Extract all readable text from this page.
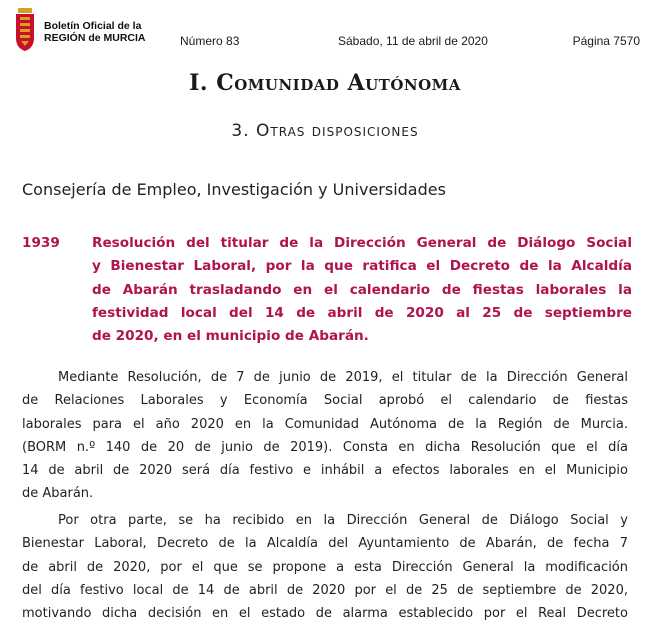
Boletín Oficial de la
REGIÓN de MURCIA	Número 83	Sábado, 11 de abril de 2020	Página 7570
I. Comunidad Autónoma
3. Otras disposiciones
Consejería de Empleo, Investigación y Universidades
1939 Resolución del titular de la Dirección General de Diálogo Social
y Bienestar Laboral, por la que ratifica el Decreto de la Alcaldía
de Abarán trasladando en el calendario de fiestas laborales la
festividad local del 14 de abril de 2020 al 25 de septiembre
de 2020, en el municipio de Abarán.
Mediante Resolución, de 7 de junio de 2019, el titular de la Dirección General
de Relaciones Laborales y Economía Social aprobó el calendario de fiestas
laborales para el año 2020 en la Comunidad Autónoma de la Región de Murcia.
(BORM n.º 140 de 20 de junio de 2019). Consta en dicha Resolución que el día
14 de abril de 2020 será día festivo e inhábil a efectos laborales en el Municipio
de Abarán.
Por otra parte, se ha recibido en la Dirección General de Diálogo Social y
Bienestar Laboral, Decreto de la Alcaldía del Ayuntamiento de Abarán, de fecha 7
de abril de 2020, por el que se propone a esta Dirección General la modificación
del día festivo local de 14 de abril de 2020 por el de 25 de septiembre de 2020,
motivando dicha decisión en el estado de alarma establecido por el Real Decreto
